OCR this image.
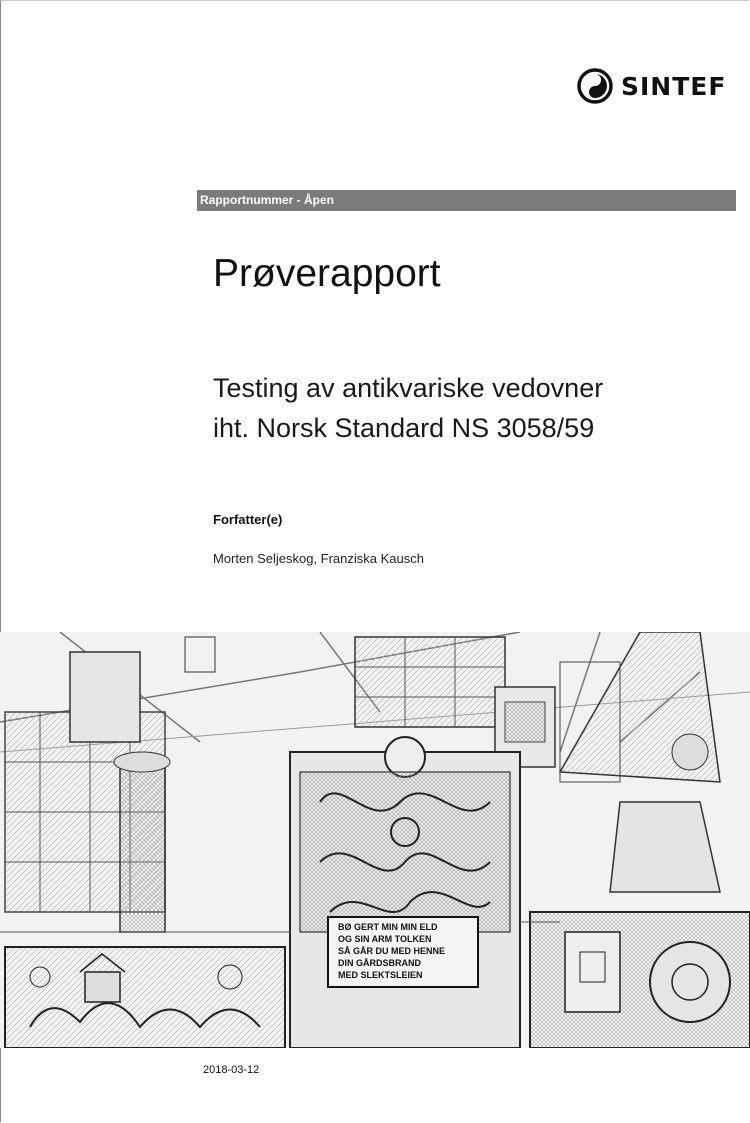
SINTEF
Rapportnummer - Åpen
Prøverapport
Testing av antikvariske vedovner
iht. Norsk Standard NS 3058/59
Forfatter(e)
Morten Seljeskog, Franziska Kausch
BØ GERT MIN MIN ELD
OG SIN ARM TOLKEN
SÅ GÅR DU MED HENNE
DIN GÅRDSBRAND
MED SLEKTSLEIEN
2018-03-12
